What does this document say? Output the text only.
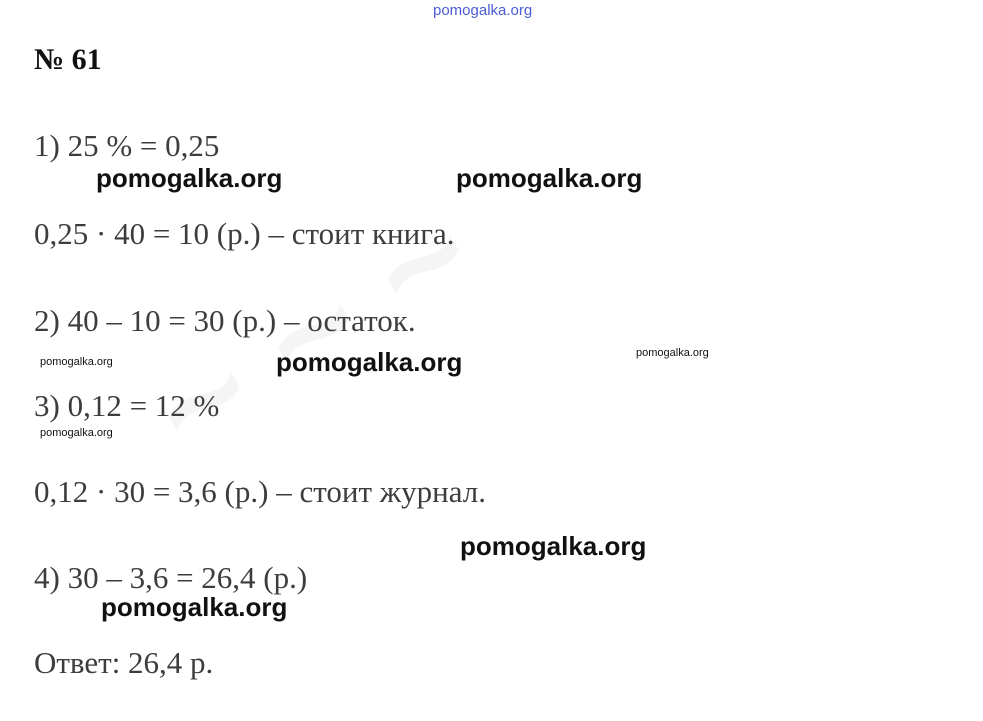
pomogalka.org
№ 61

1) 25 % = 0,25

0,25 · 40 = 10 (р.) – стоит книга.

2) 40 – 10 = 30 (р.) – остаток.

3) 0,12 = 12 %

0,12 · 30 = 3,6 (р.) – стоит журнал.

4) 30 – 3,6 = 26,4 (р.)

Ответ: 26,4 р.

pomogalka.org	pomogalka.org
pomogalka.org	pomogalka.org	pomogalka.org
pomogalka.org
pomogalka.org
pomogalka.org
